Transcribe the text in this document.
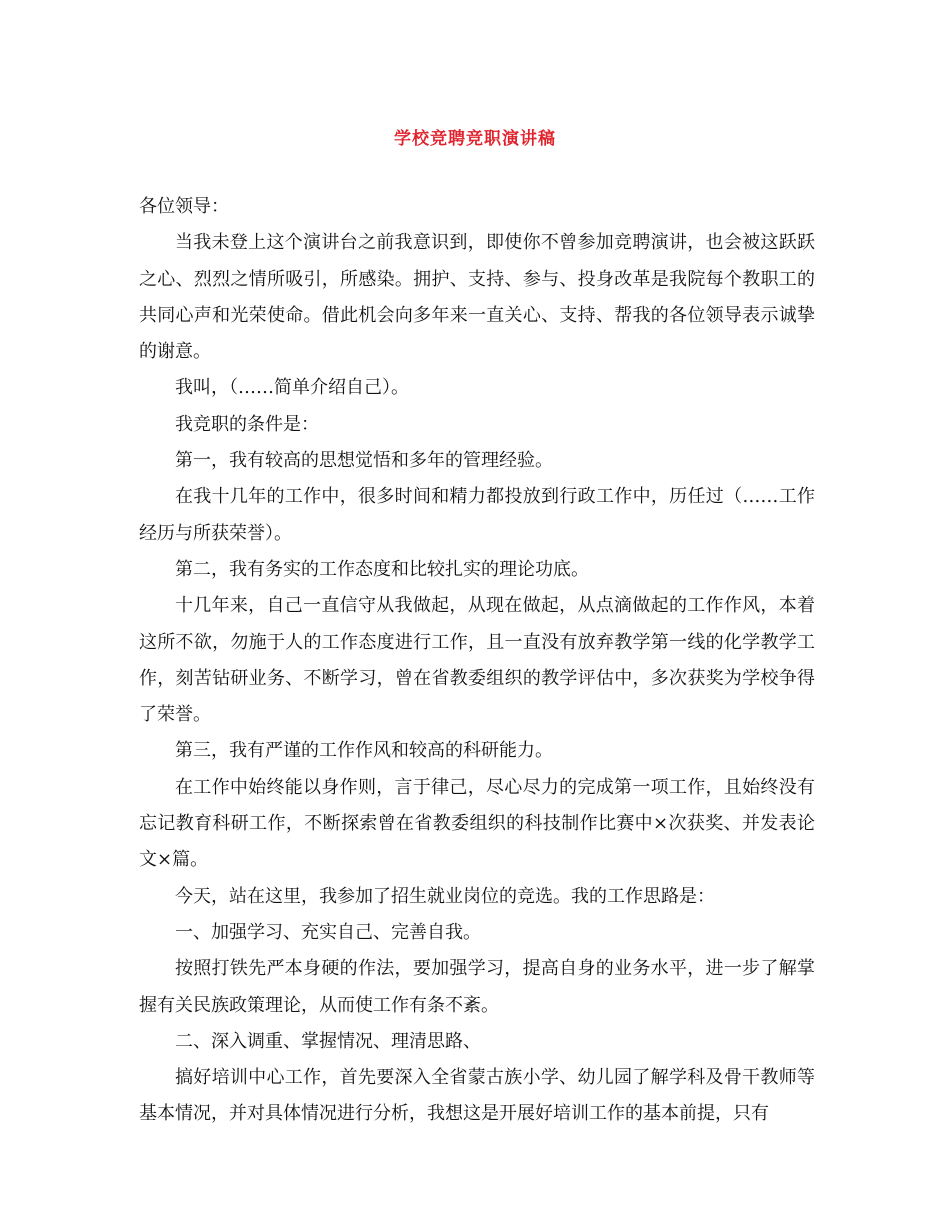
学校竞聘竞职演讲稿

各位领导：

当我未登上这个演讲台之前我意识到，即使你不曾参加竞聘演讲，也会被这跃跃之心、烈烈之情所吸引，所感染。拥护、支持、参与、投身改革是我院每个教职工的共同心声和光荣使命。借此机会向多年来一直关心、支持、帮我的各位领导表示诚挚的谢意。

我叫，（……简单介绍自己）。

我竞职的条件是：

第一，我有较高的思想觉悟和多年的管理经验。

在我十几年的工作中，很多时间和精力都投放到行政工作中，历任过（……工作经历与所获荣誉）。

第二，我有务实的工作态度和比较扎实的理论功底。

十几年来，自己一直信守从我做起，从现在做起，从点滴做起的工作作风，本着这所不欲，勿施于人的工作态度进行工作，且一直没有放弃教学第一线的化学教学工作，刻苦钻研业务、不断学习，曾在省教委组织的教学评估中，多次获奖为学校争得了荣誉。

第三，我有严谨的工作作风和较高的科研能力。

在工作中始终能以身作则，言于律己，尽心尽力的完成第一项工作，且始终没有忘记教育科研工作，不断探索曾在省教委组织的科技制作比赛中×次获奖、并发表论文×篇。

今天，站在这里，我参加了招生就业岗位的竞选。我的工作思路是：

一、加强学习、充实自己、完善自我。

按照打铁先严本身硬的作法，要加强学习，提高自身的业务水平，进一步了解掌握有关民族政策理论，从而使工作有条不紊。

二、深入调重、掌握情况、理清思路、

搞好培训中心工作，首先要深入全省蒙古族小学、幼儿园了解学科及骨干教师等基本情况，并对具体情况进行分析，我想这是开展好培训工作的基本前提，只有
